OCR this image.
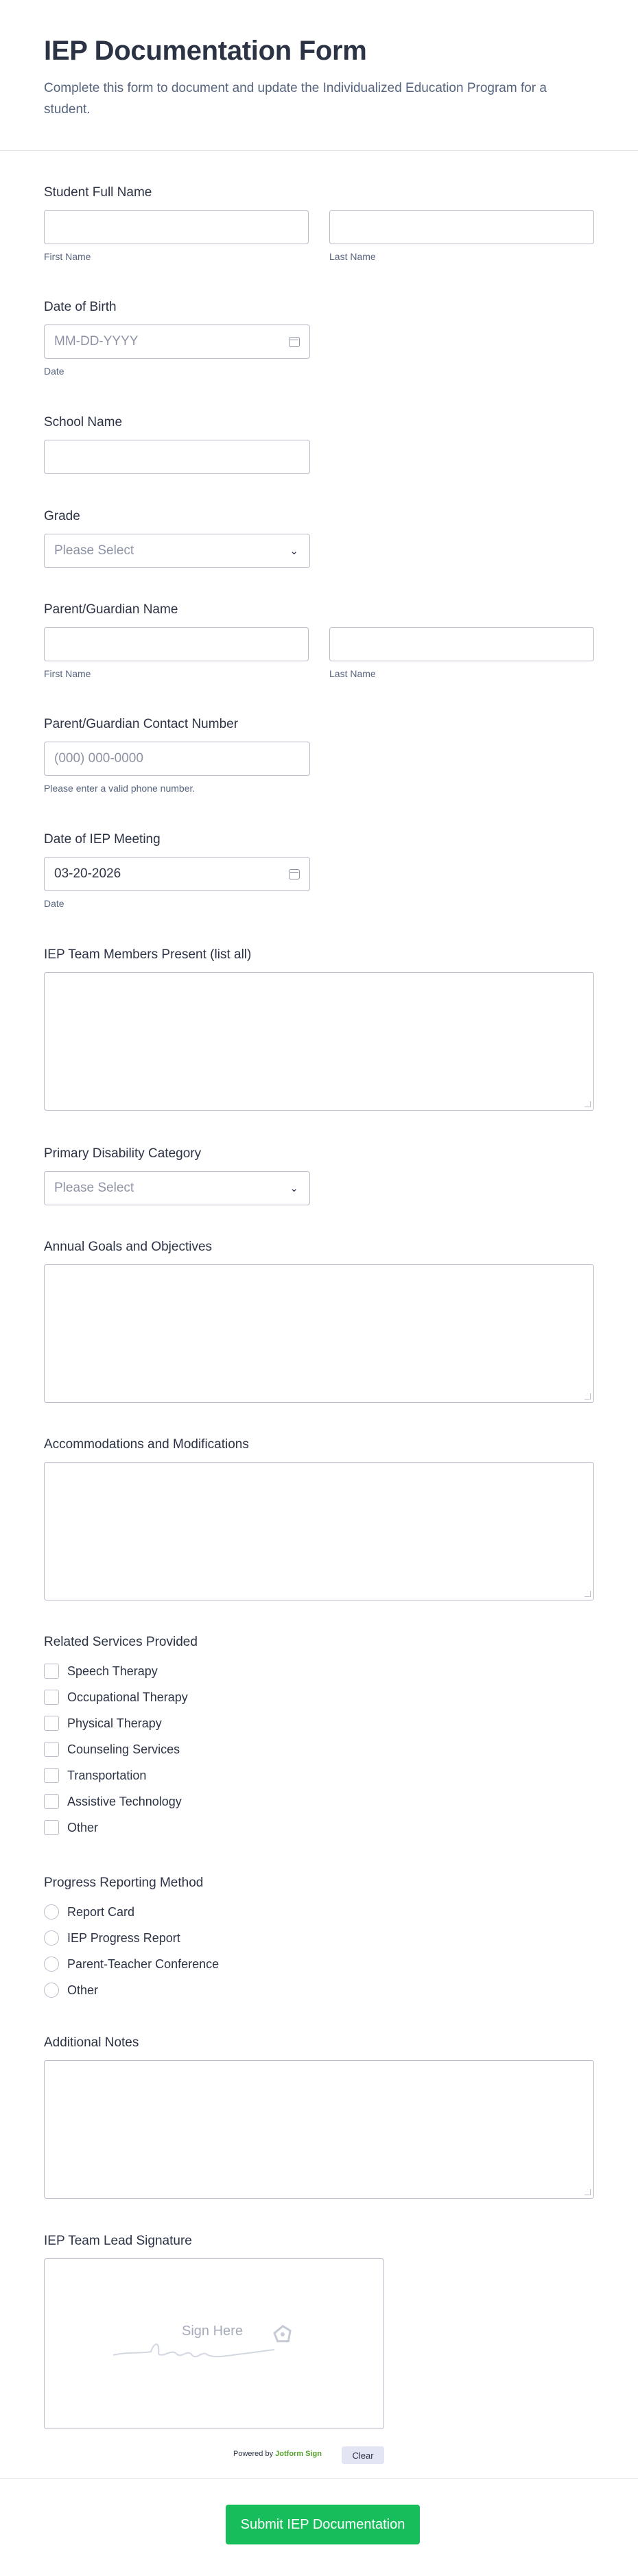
IEP Documentation Form

Complete this form to document and update the Individualized Education Program for a student.

Student Full Name
First Name	Last Name
Date of Birth
MM-DD-YYYY
Date
School Name
Grade
Please Select	⌄
Parent/Guardian Name
First Name	Last Name
Parent/Guardian Contact Number
(000) 000-0000
Please enter a valid phone number.
Date of IEP Meeting
03-20-2026
Date
IEP Team Members Present (list all)
Primary Disability Category
Please Select	⌄
Annual Goals and Objectives
Accommodations and Modifications
Related Services Provided
Speech Therapy
Occupational Therapy
Physical Therapy
Counseling Services
Transportation
Assistive Technology
Other
Progress Reporting Method
Report Card
IEP Progress Report
Parent-Teacher Conference
Other
Additional Notes
IEP Team Lead Signature
Sign Here
Powered by Jotform Sign	Clear
Submit IEP Documentation
